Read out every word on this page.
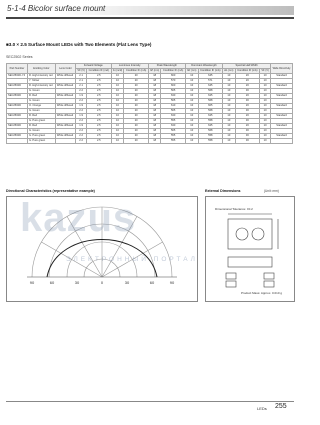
5-1-4 Bicolor surface mount
■3.0 × 2.5 Surface Mount LEDs with Two Elements (Flat Lens Type)
SEC2502 Series
Part Number	Emitting Color	Lens Color	Forward Voltage		Luminous Intensity		Peak Wavelength		Dominant Wavelength		Spectral Half Width			Wide Directivity
			VF (V)	Condition IF (mA)	Iv (mcd)	Condition IF (mA)	λP (nm)	Condition IF (mA)	λD (nm)	Condition IF (mA)	Δλ (nm)	Condition IF (mA)	VF (V)	
SEC2502D-Y4	R. High-Intensity red	White diffused	2.1	2.5	10	20	18	660	10	645	10	20	10	Standard
	Y. Yellow		2.1	2.5	10	20	18	570	10	571	10	20	10	
SEC2502D	R. High-Intensity red	White diffused	2.1	2.5	10	20	18	660	10	645	10	20	10	Standard
	G. Green		2.2	2.5	10	20	18	565	10	568	10	30	10	
SEC2502D	R. Red	White diffused	1.9	2.5	10	20	18	630	10	625	10	20	10	Standard
	G. Green		2.2	2.5	10	20	18	565	10	568	10	30	10	
SEC2502D	O. Orange	White diffused	1.9	2.5	10	20	18	610	10	605	10	20	10	Standard
	G. Green		2.2	2.5	10	20	18	565	10	568	10	30	10	
SEC2502D	R. Red	White diffused	1.9	2.5	10	20	18	630	10	625	10	20	10	Standard
	G. Pure green		2.2	2.5	10	20	18	555	10	558	10	30	10	
SEC2502D	R. Red	White diffused	1.9	2.5	10	20	18	630	10	625	10	20	10	Standard
	G. Green		2.2	2.5	10	20	18	565	10	568	10	30	10	
SEC2502D	G. Pure green	White diffused	2.2	2.5	10	20	18	555	10	558	10	30	10	Standard
	G. Pure green		2.2	2.5	10	20	18	555	10	558	10	30	10	
Directional Characteristics (representative example)
90	60	30	0	30	60	90
kazus
ЭЛЕКТРОННЫЙ ПОРТАЛ
External Dimensions	(Unit: mm)
Dimensional Tolerance: ±0.2
Product Mass: Approx. 0.010 g
LEDs 255
